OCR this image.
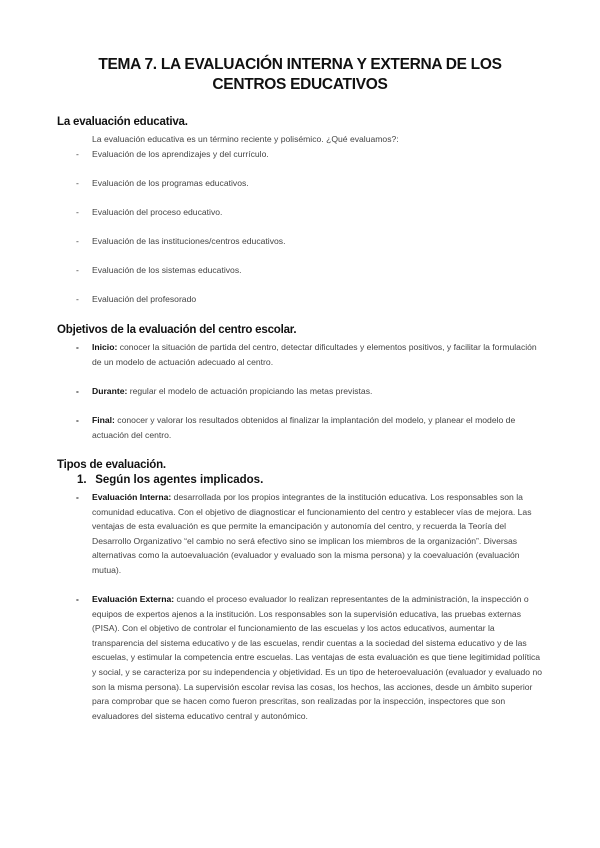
TEMA 7. LA EVALUACIÓN INTERNA Y EXTERNA DE LOS CENTROS EDUCATIVOS
La evaluación educativa.
La evaluación educativa es un término reciente y polisémico. ¿Qué evaluamos?:
- Evaluación de los aprendizajes y del currículo.
- Evaluación de los programas educativos.
- Evaluación del proceso educativo.
- Evaluación de las instituciones/centros educativos.
- Evaluación de los sistemas educativos.
- Evaluación del profesorado
Objetivos de la evaluación del centro escolar.
- Inicio: conocer la situación de partida del centro, detectar dificultades y elementos positivos, y facilitar la formulación de un modelo de actuación adecuado al centro.
- Durante: regular el modelo de actuación propiciando las metas previstas.
- Final: conocer y valorar los resultados obtenidos al finalizar la implantación del modelo, y planear el modelo de actuación del centro.
Tipos de evaluación.
1. Según los agentes implicados.
- Evaluación Interna: desarrollada por los propios integrantes de la institución educativa. Los responsables son la comunidad educativa. Con el objetivo de diagnosticar el funcionamiento del centro y establecer vías de mejora. Las ventajas de esta evaluación es que permite la emancipación y autonomía del centro, y recuerda la Teoría del Desarrollo Organizativo “el cambio no será efectivo sino se implican los miembros de la organización”. Diversas alternativas como la autoevaluación (evaluador y evaluado son la misma persona) y la coevaluación (evaluación mutua).
- Evaluación Externa: cuando el proceso evaluador lo realizan representantes de la administración, la inspección o equipos de expertos ajenos a la institución. Los responsables son la supervisión educativa, las pruebas externas (PISA). Con el objetivo de controlar el funcionamiento de las escuelas y los actos educativos, aumentar la transparencia del sistema educativo y de las escuelas, rendir cuentas a la sociedad del sistema educativo y de las escuelas, y estimular la competencia entre escuelas. Las ventajas de esta evaluación es que tiene legitimidad política y social, y se caracteriza por su independencia y objetividad. Es un tipo de heteroevaluación (evaluador y evaluado no son la misma persona). La supervisión escolar revisa las cosas, los hechos, las acciones, desde un ámbito superior para comprobar que se hacen como fueron prescritas, son realizadas por la inspección, inspectores que son evaluadores del sistema educativo central y autonómico.
